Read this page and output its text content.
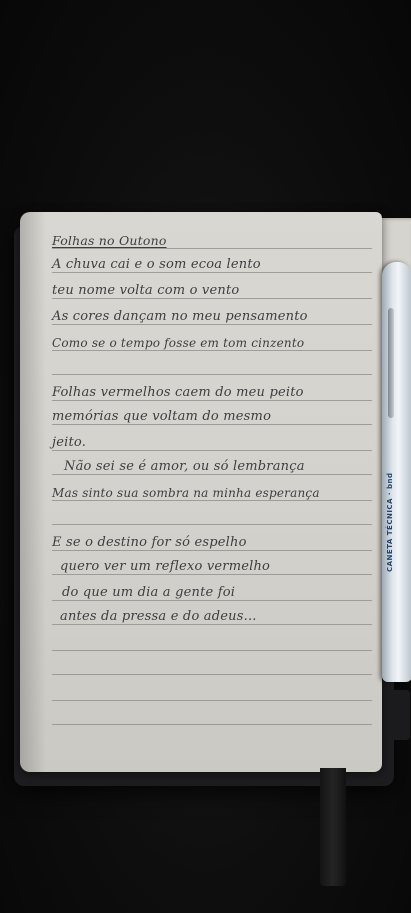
Folhas no Outono
A chuva cai e o som ecoa lento
teu nome volta com o vento
As cores dançam no meu pensamento
Como se o tempo fosse em tom cinzento
Folhas vermelhos caem do meu peito
memórias que voltam do mesmo
jeito.
Não sei se é amor, ou só lembrança
Mas sinto sua sombra na minha esperança
E se o destino for só espelho
quero ver um reflexo vermelho
do que um dia a gente foi
antes da pressa e do adeus...
CANETA TÉCNICA · bnd
